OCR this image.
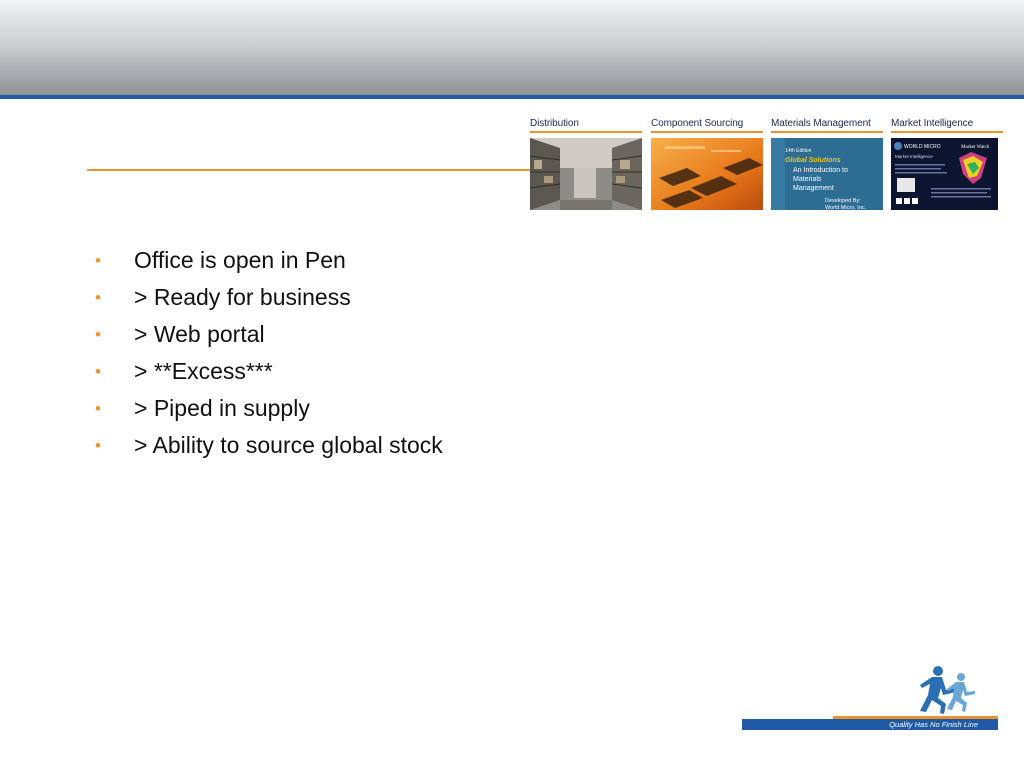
Distribution	Component Sourcing	Materials Management
14th Edition
Global Solutions
An Introduction to
Materials
Management
Developed By:
World Micro, Inc.
Market Intelligence
WORLD MICRO
Market Intelligence
Market Watch
• Office is open in Pen
• > Ready for business
• > Web portal
• > **Excess***
• > Piped in supply
• > Ability to source global stock
Quality Has No Finish Line
